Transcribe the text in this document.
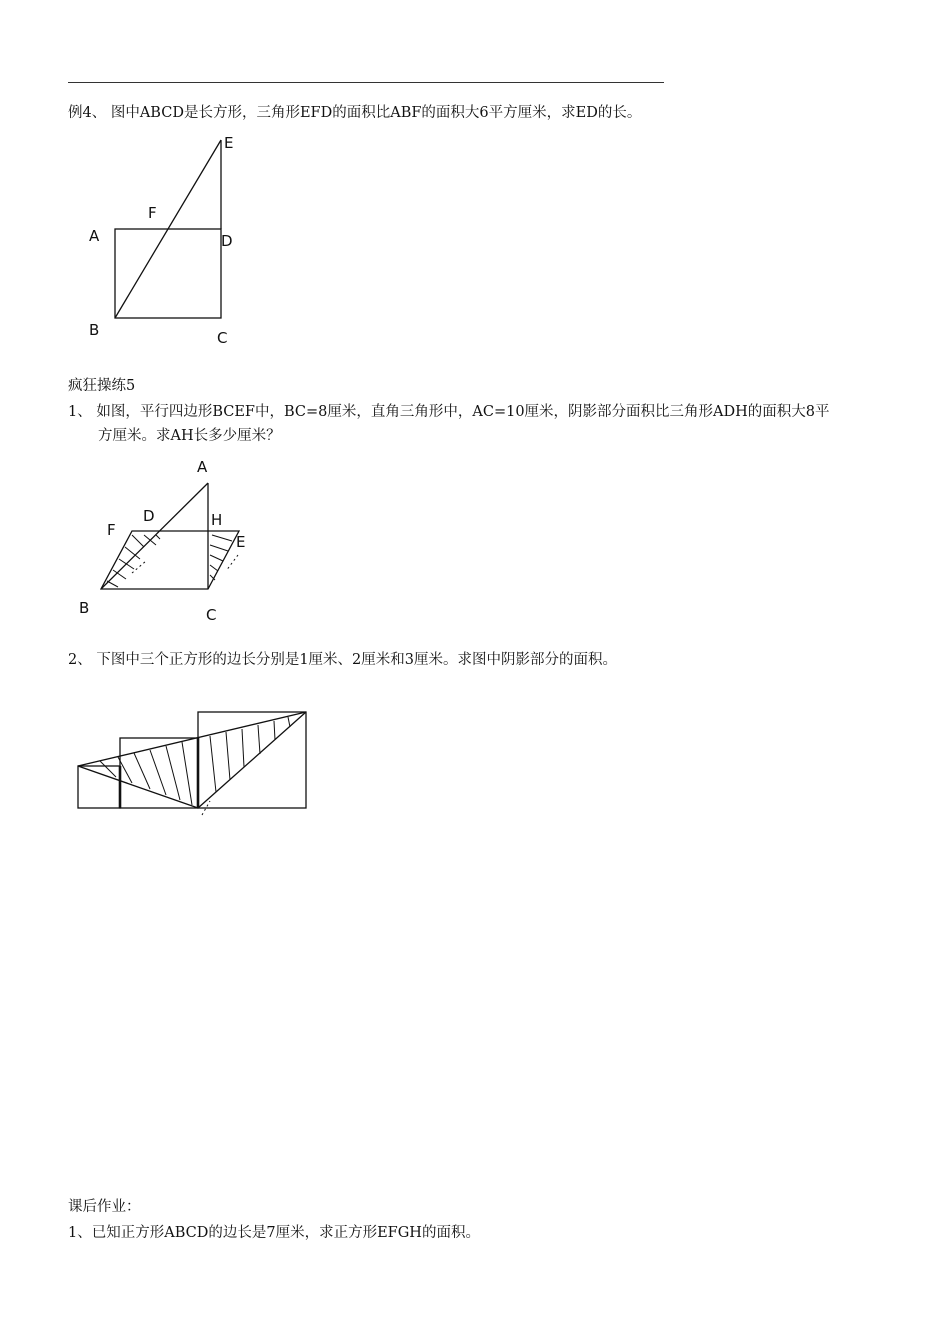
例4、 图中ABCD是长方形，三角形EFD的面积比ABF的面积大6平方厘米，求ED的长。
E
F
A	D
B	C
疯狂操练5
1、 如图，平行四边形BCEF中，BC=8厘米，直角三角形中，AC=10厘米，阴影部分面积比三角形ADH的面积大8平
方厘米。求AH长多少厘米？
A
D
F
H
E
B	C
2、 下图中三个正方形的边长分别是1厘米、2厘米和3厘米。求图中阴影部分的面积。
课后作业：
1、已知正方形ABCD的边长是7厘米，求正方形EFGH的面积。
